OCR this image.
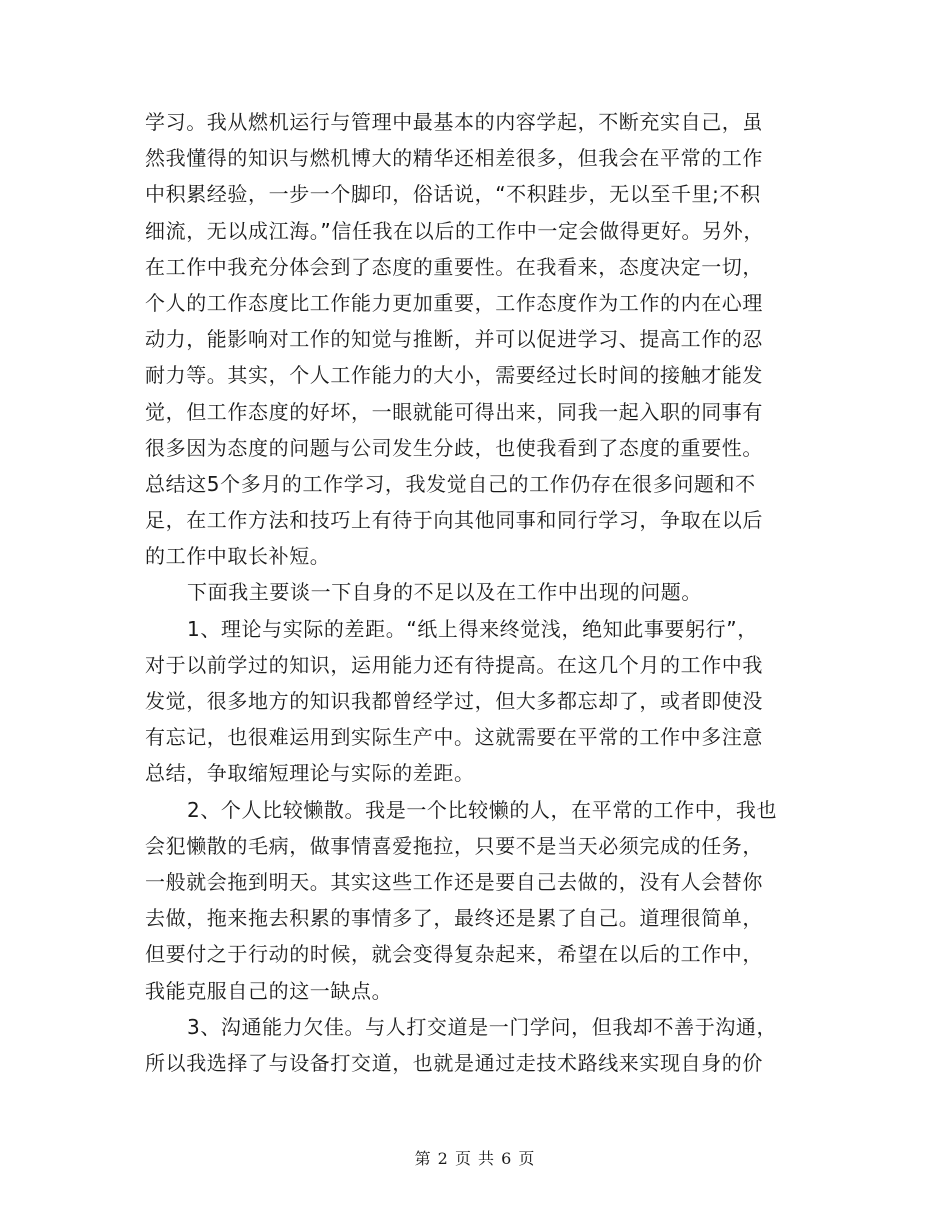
学习。我从燃机运行与管理中最基本的内容学起，不断充实自己，虽
然我懂得的知识与燃机博大的精华还相差很多，但我会在平常的工作
中积累经验，一步一个脚印，俗话说，“不积跬步，无以至千里;不积
细流，无以成江海。”信任我在以后的工作中一定会做得更好。另外，
在工作中我充分体会到了态度的重要性。在我看来，态度决定一切，
个人的工作态度比工作能力更加重要，工作态度作为工作的内在心理
动力，能影响对工作的知觉与推断，并可以促进学习、提高工作的忍
耐力等。其实，个人工作能力的大小，需要经过长时间的接触才能发
觉，但工作态度的好坏，一眼就能可得出来，同我一起入职的同事有
很多因为态度的问题与公司发生分歧，也使我看到了态度的重要性。
总结这5个多月的工作学习，我发觉自己的工作仍存在很多问题和不
足，在工作方法和技巧上有待于向其他同事和同行学习，争取在以后
的工作中取长补短。
下面我主要谈一下自身的不足以及在工作中出现的问题。
1、理论与实际的差距。“纸上得来终觉浅，绝知此事要躬行”，
对于以前学过的知识，运用能力还有待提高。在这几个月的工作中我
发觉，很多地方的知识我都曾经学过，但大多都忘却了，或者即使没
有忘记，也很难运用到实际生产中。这就需要在平常的工作中多注意
总结，争取缩短理论与实际的差距。
2、个人比较懒散。我是一个比较懒的人，在平常的工作中，我也
会犯懒散的毛病，做事情喜爱拖拉，只要不是当天必须完成的任务，
一般就会拖到明天。其实这些工作还是要自己去做的，没有人会替你
去做，拖来拖去积累的事情多了，最终还是累了自己。道理很简单，
但要付之于行动的时候，就会变得复杂起来，希望在以后的工作中，
我能克服自己的这一缺点。
3、沟通能力欠佳。与人打交道是一门学问，但我却不善于沟通，
所以我选择了与设备打交道，也就是通过走技术路线来实现自身的价
第 2 页 共 6 页
